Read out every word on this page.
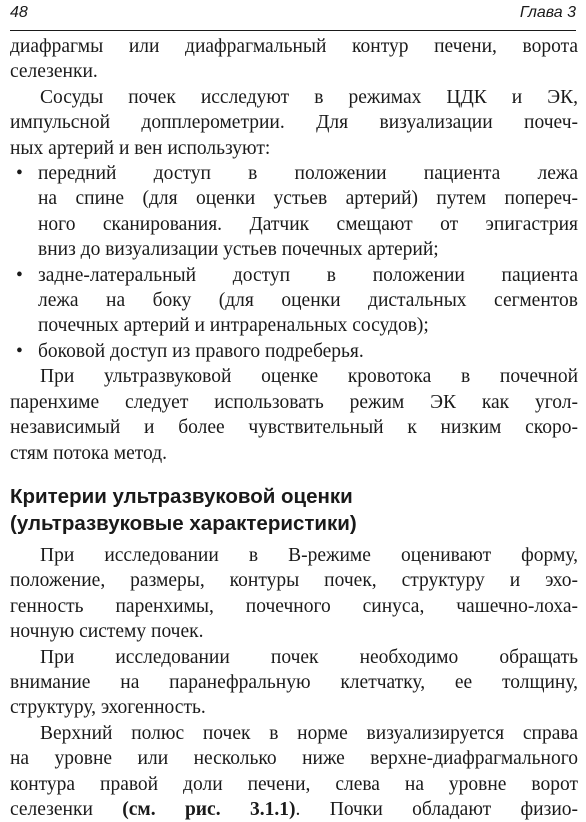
48	Глава 3

диафрагмы или диафрагмальный контур печени, ворота
селезенки.

Сосуды почек исследуют в режимах ЦДК и ЭК,
импульсной допплерометрии. Для визуализации почеч-
ных артерий и вен используют:

• передний доступ в положении пациента лежа
на спине (для оценки устьев артерий) путем попереч-
ного сканирования. Датчик смещают от эпигастрия
вниз до визуализации устьев почечных артерий;
• задне-латеральный доступ в положении пациента
лежа на боку (для оценки дистальных сегментов
почечных артерий и интраренальных сосудов);
• боковой доступ из правого подреберья.

При ультразвуковой оценке кровотока в почечной
паренхиме следует использовать режим ЭК как угол-
независимый и более чувствительный к низким скоро-
стям потока метод.

Критерии ультразвуковой оценки
(ультразвуковые характеристики)

При исследовании в В-режиме оценивают форму,
положение, размеры, контуры почек, структуру и эхо-
генность паренхимы, почечного синуса, чашечно-лоха-
ночную систему почек.

При исследовании почек необходимо обращать
внимание на паранефральную клетчатку, ее толщину,
структуру, эхогенность.

Верхний полюс почек в норме визуализируется справа
на уровне или несколько ниже верхне-диафрагмального
контура правой доли печени, слева на уровне ворот
селезенки (см. рис. 3.1.1). Почки обладают физио-
